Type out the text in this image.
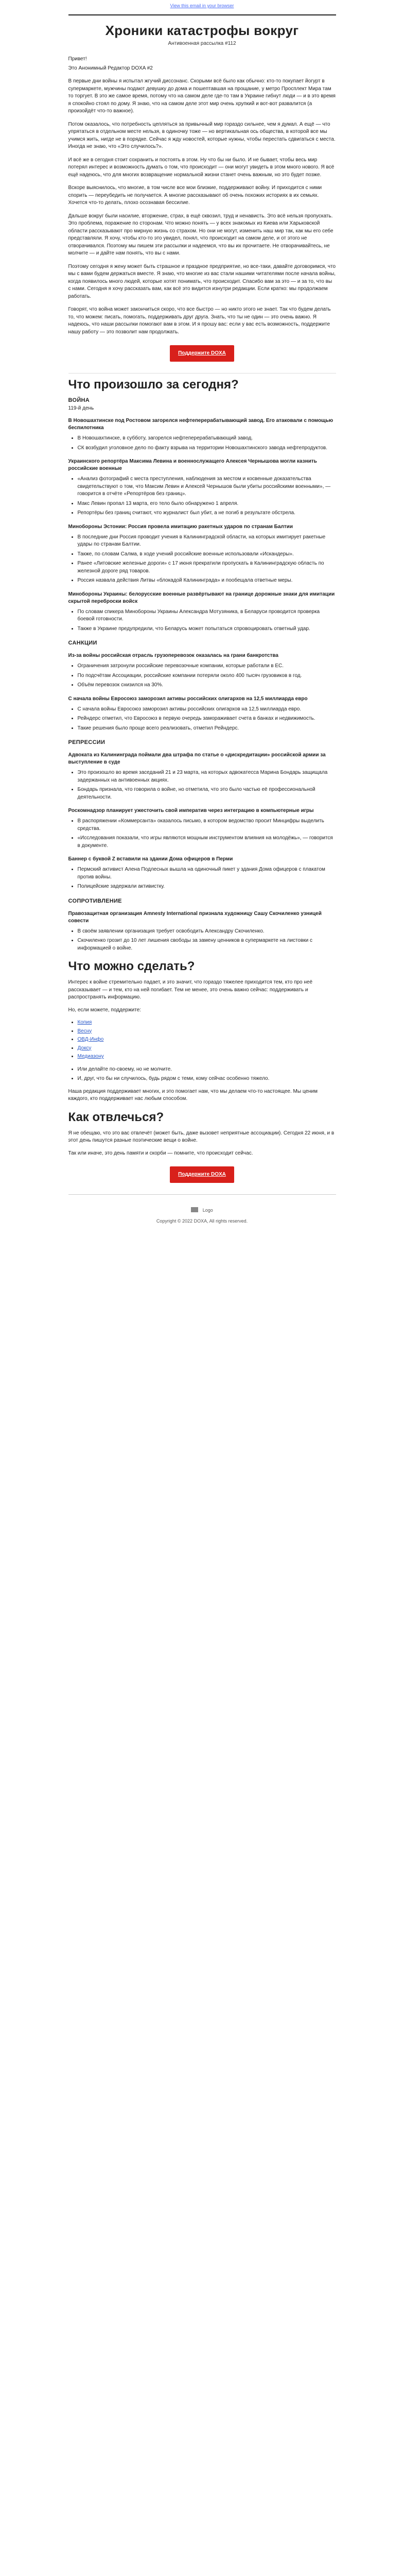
View this email in your browser
Хроники катастрофы вокруг
Антивоенная рассылка #112

Привет!

Это Анонимный Редактор DOXA #2

В первые дни войны я испытал жгучий диссонанс. Скорыми всё было как обычно: кто-то покупает йогурт в супермаркете, мужчины подают девушку до дома и пошептавшая на прощание, у метро Просплект Мира там то торгует. В это же самое время, потому что на самом деле где-то там в Украине гибнут люди — и в это время я спокойно стоял по дому. Я знаю, что на самом деле этот мир очень хрупкий и вот-вот развалится (а произойдёт что-то важное).

Потом оказалось, что потребность цепляться за привычный мир гораздо сильнее, чем я думал. А ещё — что упрятаться в отдельном месте нельзя, в одиночку тоже — но вертикальная ось общества, в которой все мы учимся жить, нигде не в порядке. Сейчас я жду новостей, которые нужны, чтобы перестать сдвигаться с места. Иногда не знаю, что «Это случилось?».

И всё же в сегодня стоит сохранить и постоять в этом. Ну что бы ни было. И не бывает, чтобы весь мир потерял интерес и возможность думать о том, что происходит — они могут увидеть в этом много нового. Я всё ещё надеюсь, что для многих возвращение нормальной жизни станет очень важным, но это будет позже.

Вскоре выяснилось, что многие, в том числе все мои близкие, поддерживают войну. И приходится с ними спорить — переубедить не получается. А многие рассказывают об очень похожих историях в их семьях. Хочется что-то делать, плохо осознавая бессилие.

Дальше вокруг были насилие, вторжение, страх, в ещё сквозил, труд и ненависть. Это всё нельзя пропускать. Это проблема, поражение по сторонам. Что можно понять — у всех знакомых из Киева или Харьковской области рассказывают про мирную жизнь со страхом. Но они не могут, изменить наш мир так, как мы его себе представляли. Я хочу, чтобы кто-то это увидел, понял, что происходит на самом деле, и от этого не отворачивался. Поэтому мы пишем эти рассылки и надеемся, что вы их прочитаете. Не отворачивайтесь, не молчите — и дайте нам понять, что вы с нами.

Поэтому сегодня я жену может быть страшное и праздное предприятие, но все-таки, давайте договоримся, что мы с вами будем держаться вместе. Я знаю, что многие из вас стали нашими читателями после начала войны, когда появилось много людей, которые хотят понимать, что происходит. Спасибо вам за это — и за то, что вы с нами. Сегодня я хочу рассказать вам, как всё это видится изнутри редакции. Если кратко: мы продолжаем работать.

Говорят, что война может закончиться скоро, что все быстро — но никто этого не знает. Так что будем делать то, что можем: писать, помогать, поддерживать друг друга. Знать, что ты не один — это очень важно. Я надеюсь, что наши рассылки помогают вам в этом. И я прошу вас: если у вас есть возможность, поддержите нашу работу — это позволит нам продолжать.

Поддержите DOXA
Что произошло за сегодня?
ВОЙНА
119-й день
В Новошахтинске под Ростовом загорелся нефтеперерабатывающий завод. Его атаковали с помощью беспилотника
• В Новошахтинске, в субботу, загорелся нефтеперерабатывающий завод.
• СК возбудил уголовное дело по факту взрыва на территории Новошахтинского завода нефтепродуктов.
Украинского репортёра Максима Левина и военнослужащего Алексея Чернышова могли казнить российские военные
• «Анализ фотографий с места преступления, наблюдения за местом и косвенные доказательства свидетельствуют о том, что Максим Левин и Алексей Чернышов были убиты российскими военными», — говорится в отчёте «Репортёров без границ».
• Макс Левин пропал 13 марта, его тело было обнаружено 1 апреля.
• Репортёры без границ считают, что журналист был убит, а не погиб в результате обстрела.
Минобороны Эстонии: Россия провела имитацию ракетных ударов по странам Балтии
• В последние дни Россия проводит учения в Калининградской области, на которых имитирует ракетные удары по странам Балтии.
• Также, по словам Салма, в ходе учений российские военные использовали «Искандеры».
• Ранее «Литовские железные дороги» с 17 июня прекратили пропускать в Калининградскую область по железной дороге ряд товаров.
• Россия назвала действия Литвы «блокадой Калининграда» и пообещала ответные меры.
Минобороны Украины: белорусские военные развёртывают на границе дорожные знаки для имитации скрытой переброски войск
• По словам спикера Минобороны Украины Александра Мотузяника, в Беларуси проводится проверка боевой готовности.
• Также в Украине предупредили, что Беларусь может попытаться спровоцировать ответный удар.
САНКЦИИ
Из-за войны российская отрасль грузоперевозок оказалась на грани банкротства
• Ограничения затронули российские перевозочные компании, которые работали в ЕС.
• По подсчётам Ассоциации, российские компании потеряли около 400 тысяч грузовиков в год.
• Объём перевозок снизился на 30%.
С начала войны Евросоюз заморозил активы российских олигархов на 12,5 миллиарда евро
• С начала войны Евросоюз заморозил активы российских олигархов на 12,5 миллиарда евро.
• Рейндерс отметил, что Евросоюз в первую очередь замораживает счета в банках и недвижимость.
• Такие решения было проще всего реализовать, отметил Рейндерс.
РЕПРЕССИИ
Адвоката из Калининграда поймали два штрафа по статье о «дискредитации» российской армии за выступление в суде
• Это произошло во время заседаний 21 и 23 марта, на которых адвокатесса Марина Бондарь защищала задержанных на антивоенных акциях.
• Бондарь признала, что говорила о войне, но отметила, что это было частью её профессиональной деятельности.
Роскомнадзор планирует ужесточить свой императив через интеграцию в компьютерные игры
• В распоряжении «Коммерсанта» оказалось письмо, в котором ведомство просит Минцифры выделить средства.
• «Исследования показали, что игры являются мощным инструментом влияния на молодёжь», — говорится в документе.
Баннер с буквой Z вставили на здании Дома офицеров в Перми
• Пермский активист Алена Подлесных вышла на одиночный пикет у здания Дома офицеров с плакатом против войны.
• Полицейские задержали активистку.
СОПРОТИВЛЕНИЕ
Правозащитная организация Amnesty International признала художницу Сашу Скочиленко узницей совести
• В своём заявлении организация требует освободить Александру Скочиленко.
• Скочиленко грозит до 10 лет лишения свободы за замену ценников в супермаркете на листовки с информацией о войне.
Что можно сделать?

Интерес к войне стремительно падает, и это значит, что гораздо тяжелее приходится тем, кто про неё рассказывает — и тем, кто на ней погибает. Тем не менее, это очень важно сейчас: поддерживать и распространять информацию.

Но, если можете, поддержите:

• Копия
• Весну
• ОВД-Инфо
• Доксу
• Медиазону
• Или делайте по-своему, но не молчите.
• И, друг, что бы ни случилось, будь рядом с теми, кому сейчас особенно тяжело.

Наша редакция поддерживает многих, и это помогает нам, что мы делаем что-то настоящее. Мы ценим каждого, кто поддерживает нас любым способом.

Как отвлечься?

Я не обещаю, что это вас отвлечёт (может быть, даже вызовет неприятные ассоциации). Сегодня 22 июня, и в этот день пишутся разные поэтические вещи о войне.

Так или иначе, это день памяти и скорби — помните, что происходит сейчас.

Поддержите DOXA
Logo
Copyright © 2022 DOXA, All rights reserved.
